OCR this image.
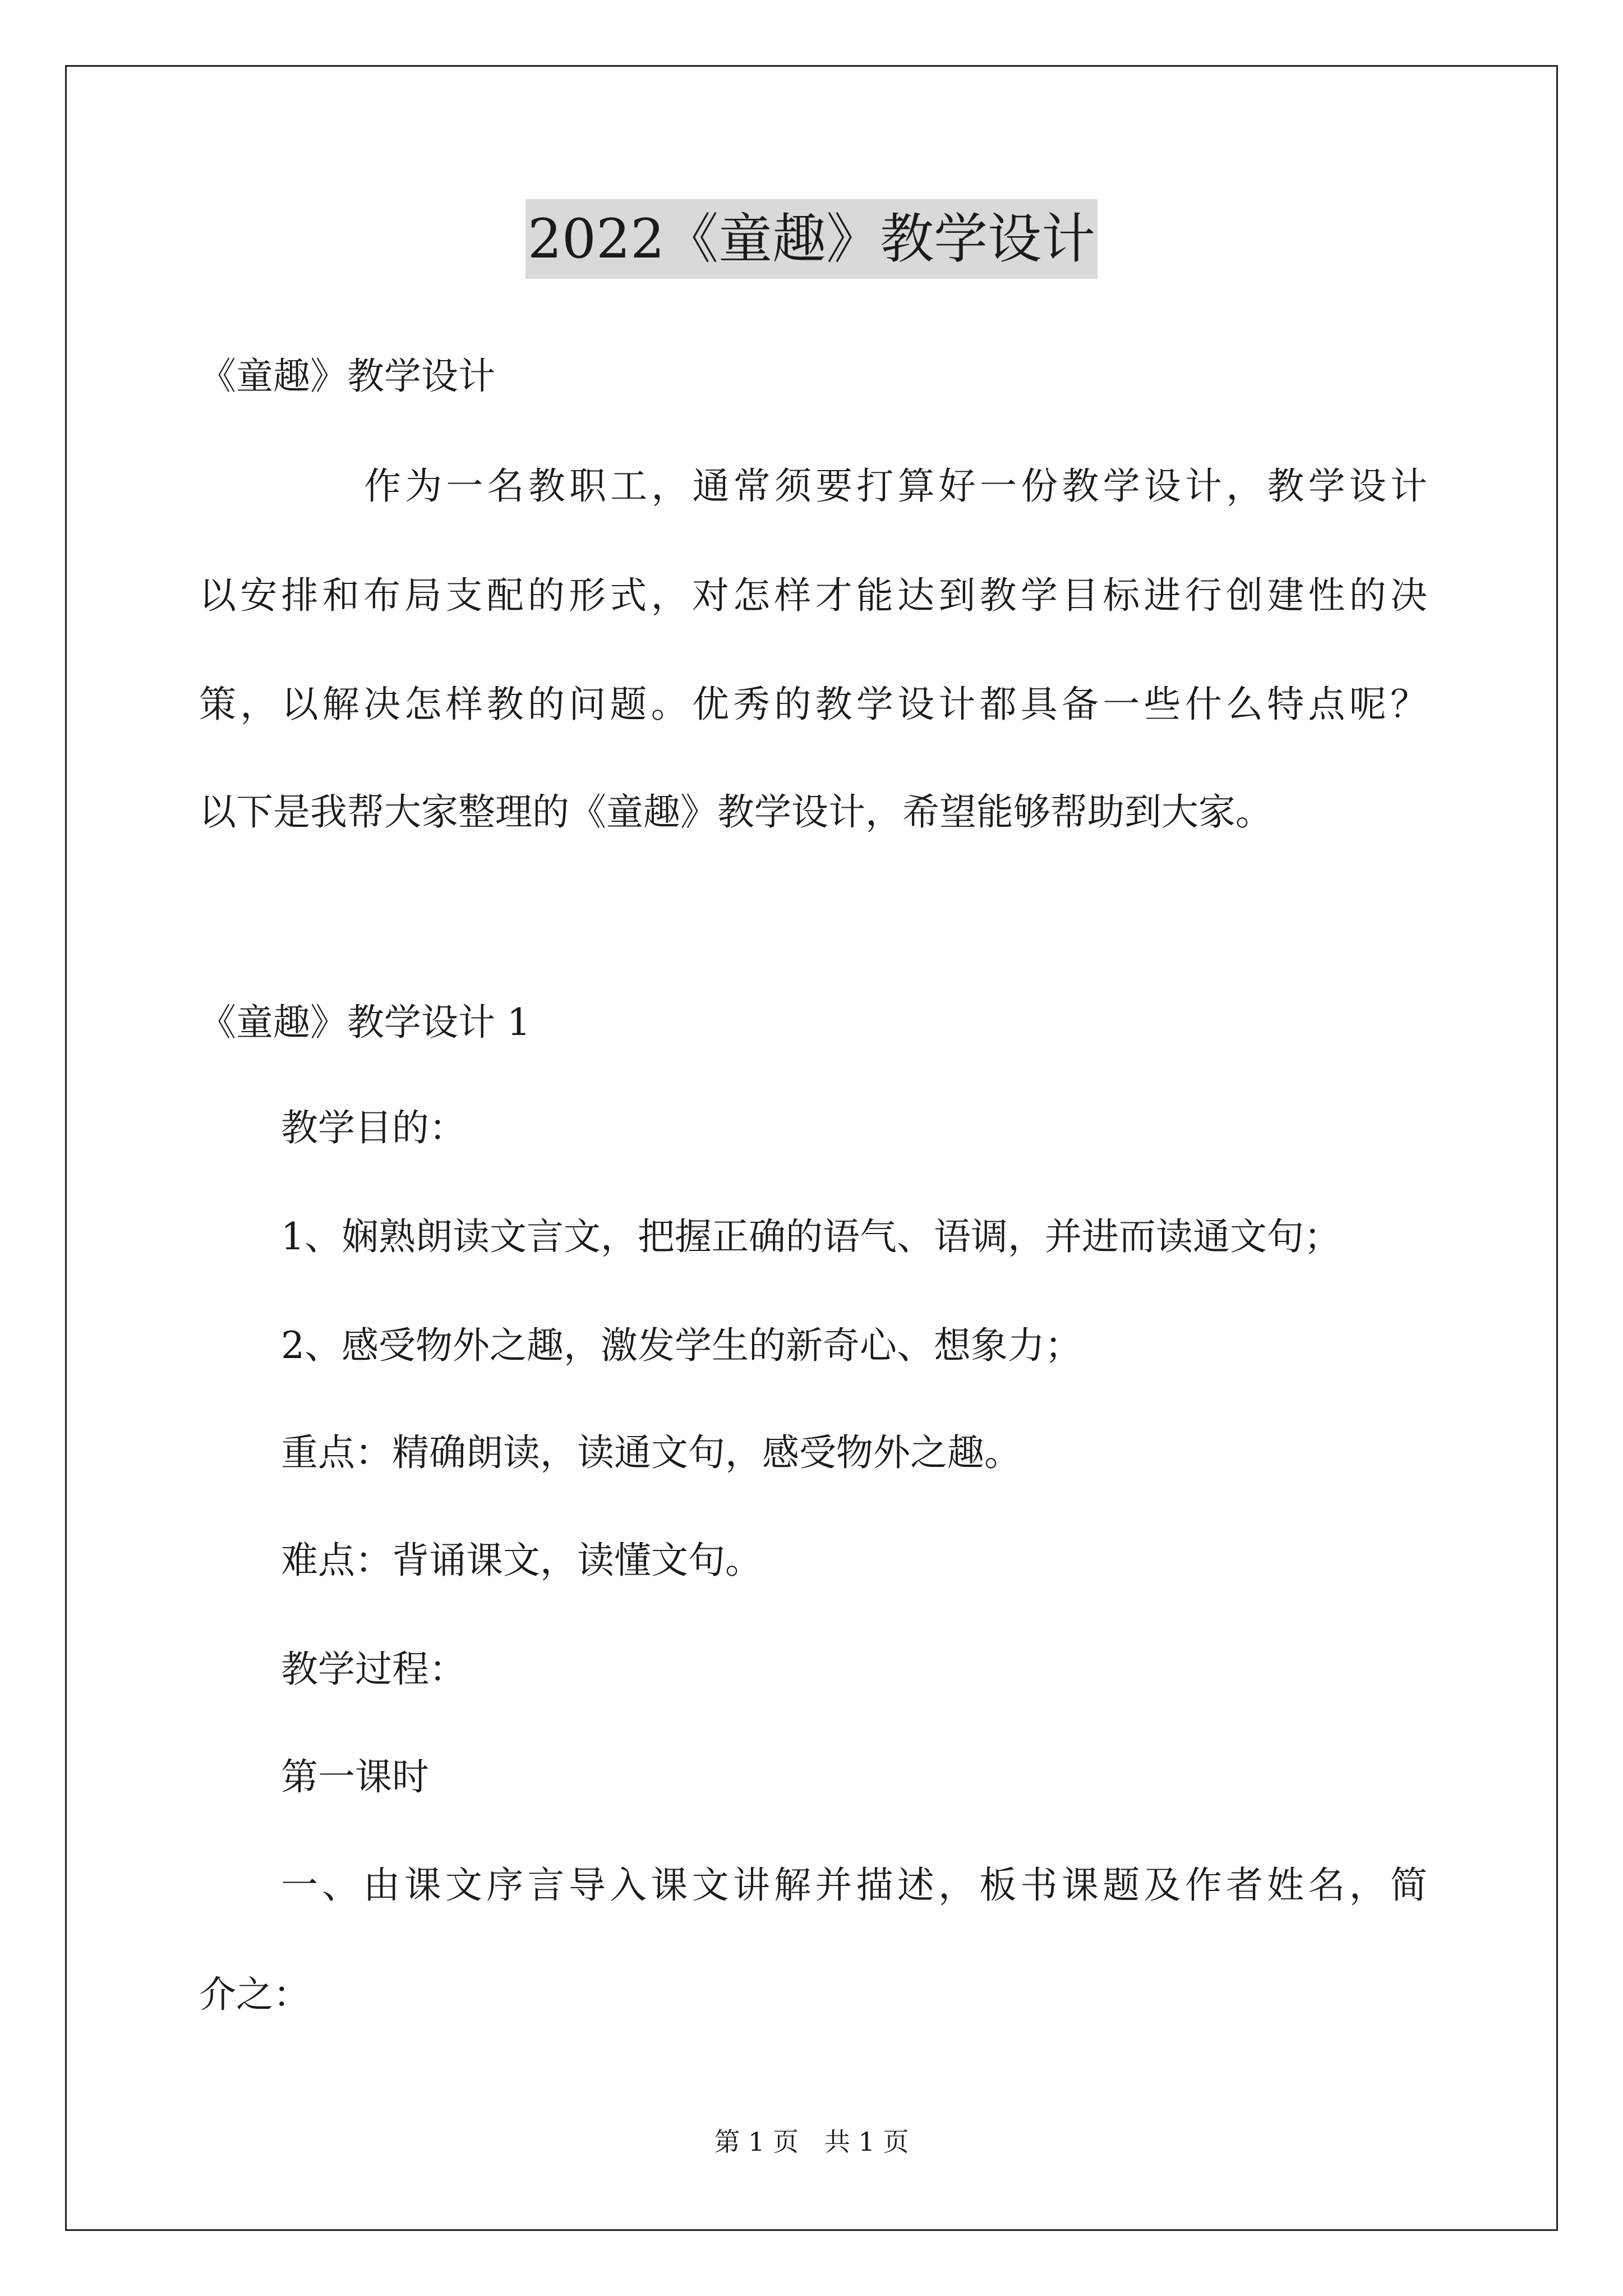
2022《童趣》教学设计
《童趣》教学设计
作为一名教职工，通常须要打算好一份教学设计，教学设计
以安排和布局支配的形式，对怎样才能达到教学目标进行创建性的决
策，以解决怎样教的问题。优秀的教学设计都具备一些什么特点呢？
以下是我帮大家整理的《童趣》教学设计，希望能够帮助到大家。
《童趣》教学设计 1
教学目的：
1、娴熟朗读文言文，把握正确的语气、语调，并进而读通文句；
2、感受物外之趣，激发学生的新奇心、想象力；
重点：精确朗读，读通文句，感受物外之趣。
难点：背诵课文，读懂文句。
教学过程：
第一课时
一、由课文序言导入课文讲解并描述，板书课题及作者姓名，简
介之：
第 1 页　共 1 页
